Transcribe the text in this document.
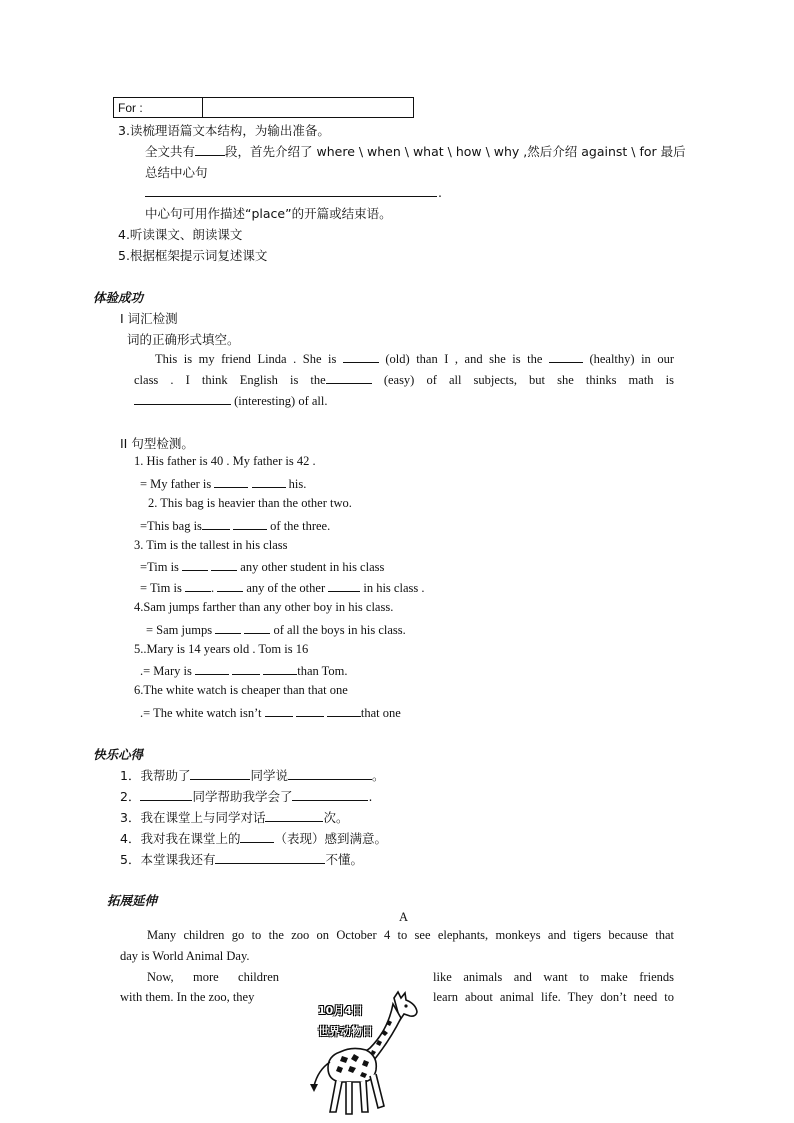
For :	
3.读梳理语篇文本结构，为输出准备。
全文共有 段，首先介绍了 where \ when \ what \ how \ why ,然后介绍 against \ for 最后
总结中心句
.
中心句可用作描述“place”的开篇或结束语。
4.听读课文、朗读课文
5.根据框架提示词复述课文
体验成功
I 词汇检测
词的正确形式填空。
This is my friend Linda . She is	(old) than I , and she is the	(healthy) in our
class . I think English is the	(easy) of all subjects, but she thinks math is
(interesting) of all.
II 句型检测。
1. His father is 40 . My father is 42 .
= My father is	his.
2. This bag is heavier than the other two.
=This bag is	of the three.
3. Tim is the tallest in his class
=Tim is	any other student in his class
= Tim is .	any of the other	in his class .
4.Sam jumps farther than any other boy in his class.
= Sam jumps	of all the boys in his class.
5..Mary is 14 years old . Tom is 16
.= Mary is	than Tom.
6.The white watch is cheaper than that one
.= The white watch isn’t	that one
快乐心得
1．我帮助了	同学说	。
2．	同学帮助我学会了	.
3．我在课堂上与同学对话	次。
4．我对我在课堂上的	（表现）感到满意。
5．本堂课我还有	不懂。
拓展延伸
A
Many children go to the zoo on October 4 to see elephants, monkeys and tigers because that
day is World Animal Day.
Now, more children	like animals and want to make friends
with them. In the zoo, they	learn about animal life. They don’t need to
10月4日
世界动物日
